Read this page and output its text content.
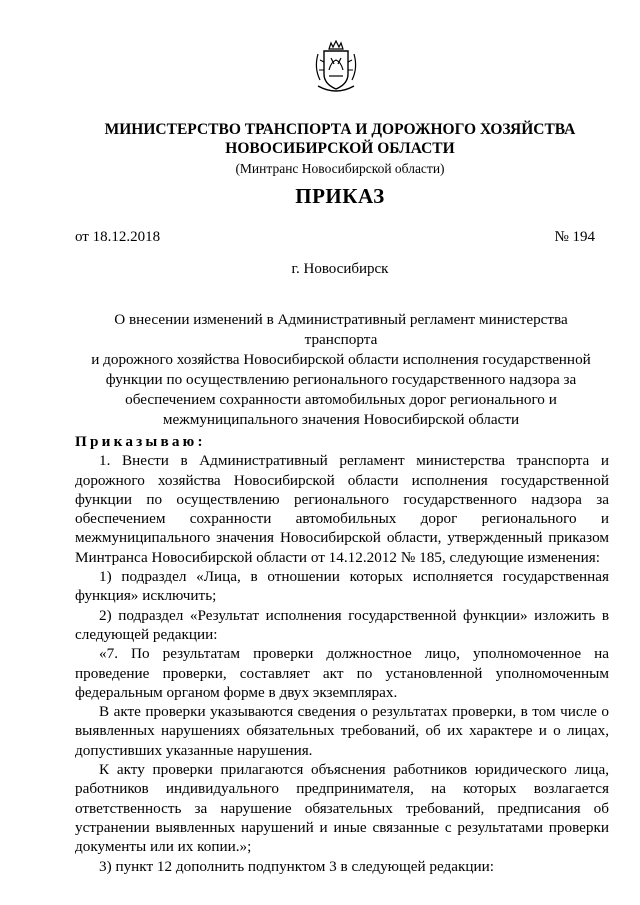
МИНИСТЕРСТВО ТРАНСПОРТА И ДОРОЖНОГО ХОЗЯЙСТВА
НОВОСИБИРСКОЙ ОБЛАСТИ
(Минтранс Новосибирской области)
ПРИКАЗ
от 18.12.2018	№ 194
г. Новосибирск
О внесении изменений в Административный регламент министерства транспорта
и дорожного хозяйства Новосибирской области исполнения государственной
функции по осуществлению регионального государственного надзора за
обеспечением сохранности автомобильных дорог регионального и
межмуниципального значения Новосибирской области

Приказываю:

1. Внести в Административный регламент министерства транспорта и дорожного хозяйства Новосибирской области исполнения государственной функции по осуществлению регионального государственного надзора за обеспечением сохранности автомобильных дорог регионального и межмуниципального значения Новосибирской области, утвержденный приказом Минтранса Новосибирской области от 14.12.2012 № 185, следующие изменения:

1) подраздел «Лица, в отношении которых исполняется государственная функция» исключить;

2) подраздел «Результат исполнения государственной функции» изложить в следующей редакции:

«7. По результатам проверки должностное лицо, уполномоченное на проведение проверки, составляет акт по установленной уполномоченным федеральным органом форме в двух экземплярах.

В акте проверки указываются сведения о результатах проверки, в том числе о выявленных нарушениях обязательных требований, об их характере и о лицах, допустивших указанные нарушения.

К акту проверки прилагаются объяснения работников юридического лица, работников индивидуального предпринимателя, на которых возлагается ответственность за нарушение обязательных требований, предписания об устранении выявленных нарушений и иные связанные с результатами проверки документы или их копии.»;

3) пункт 12 дополнить подпунктом 3 в следующей редакции:
